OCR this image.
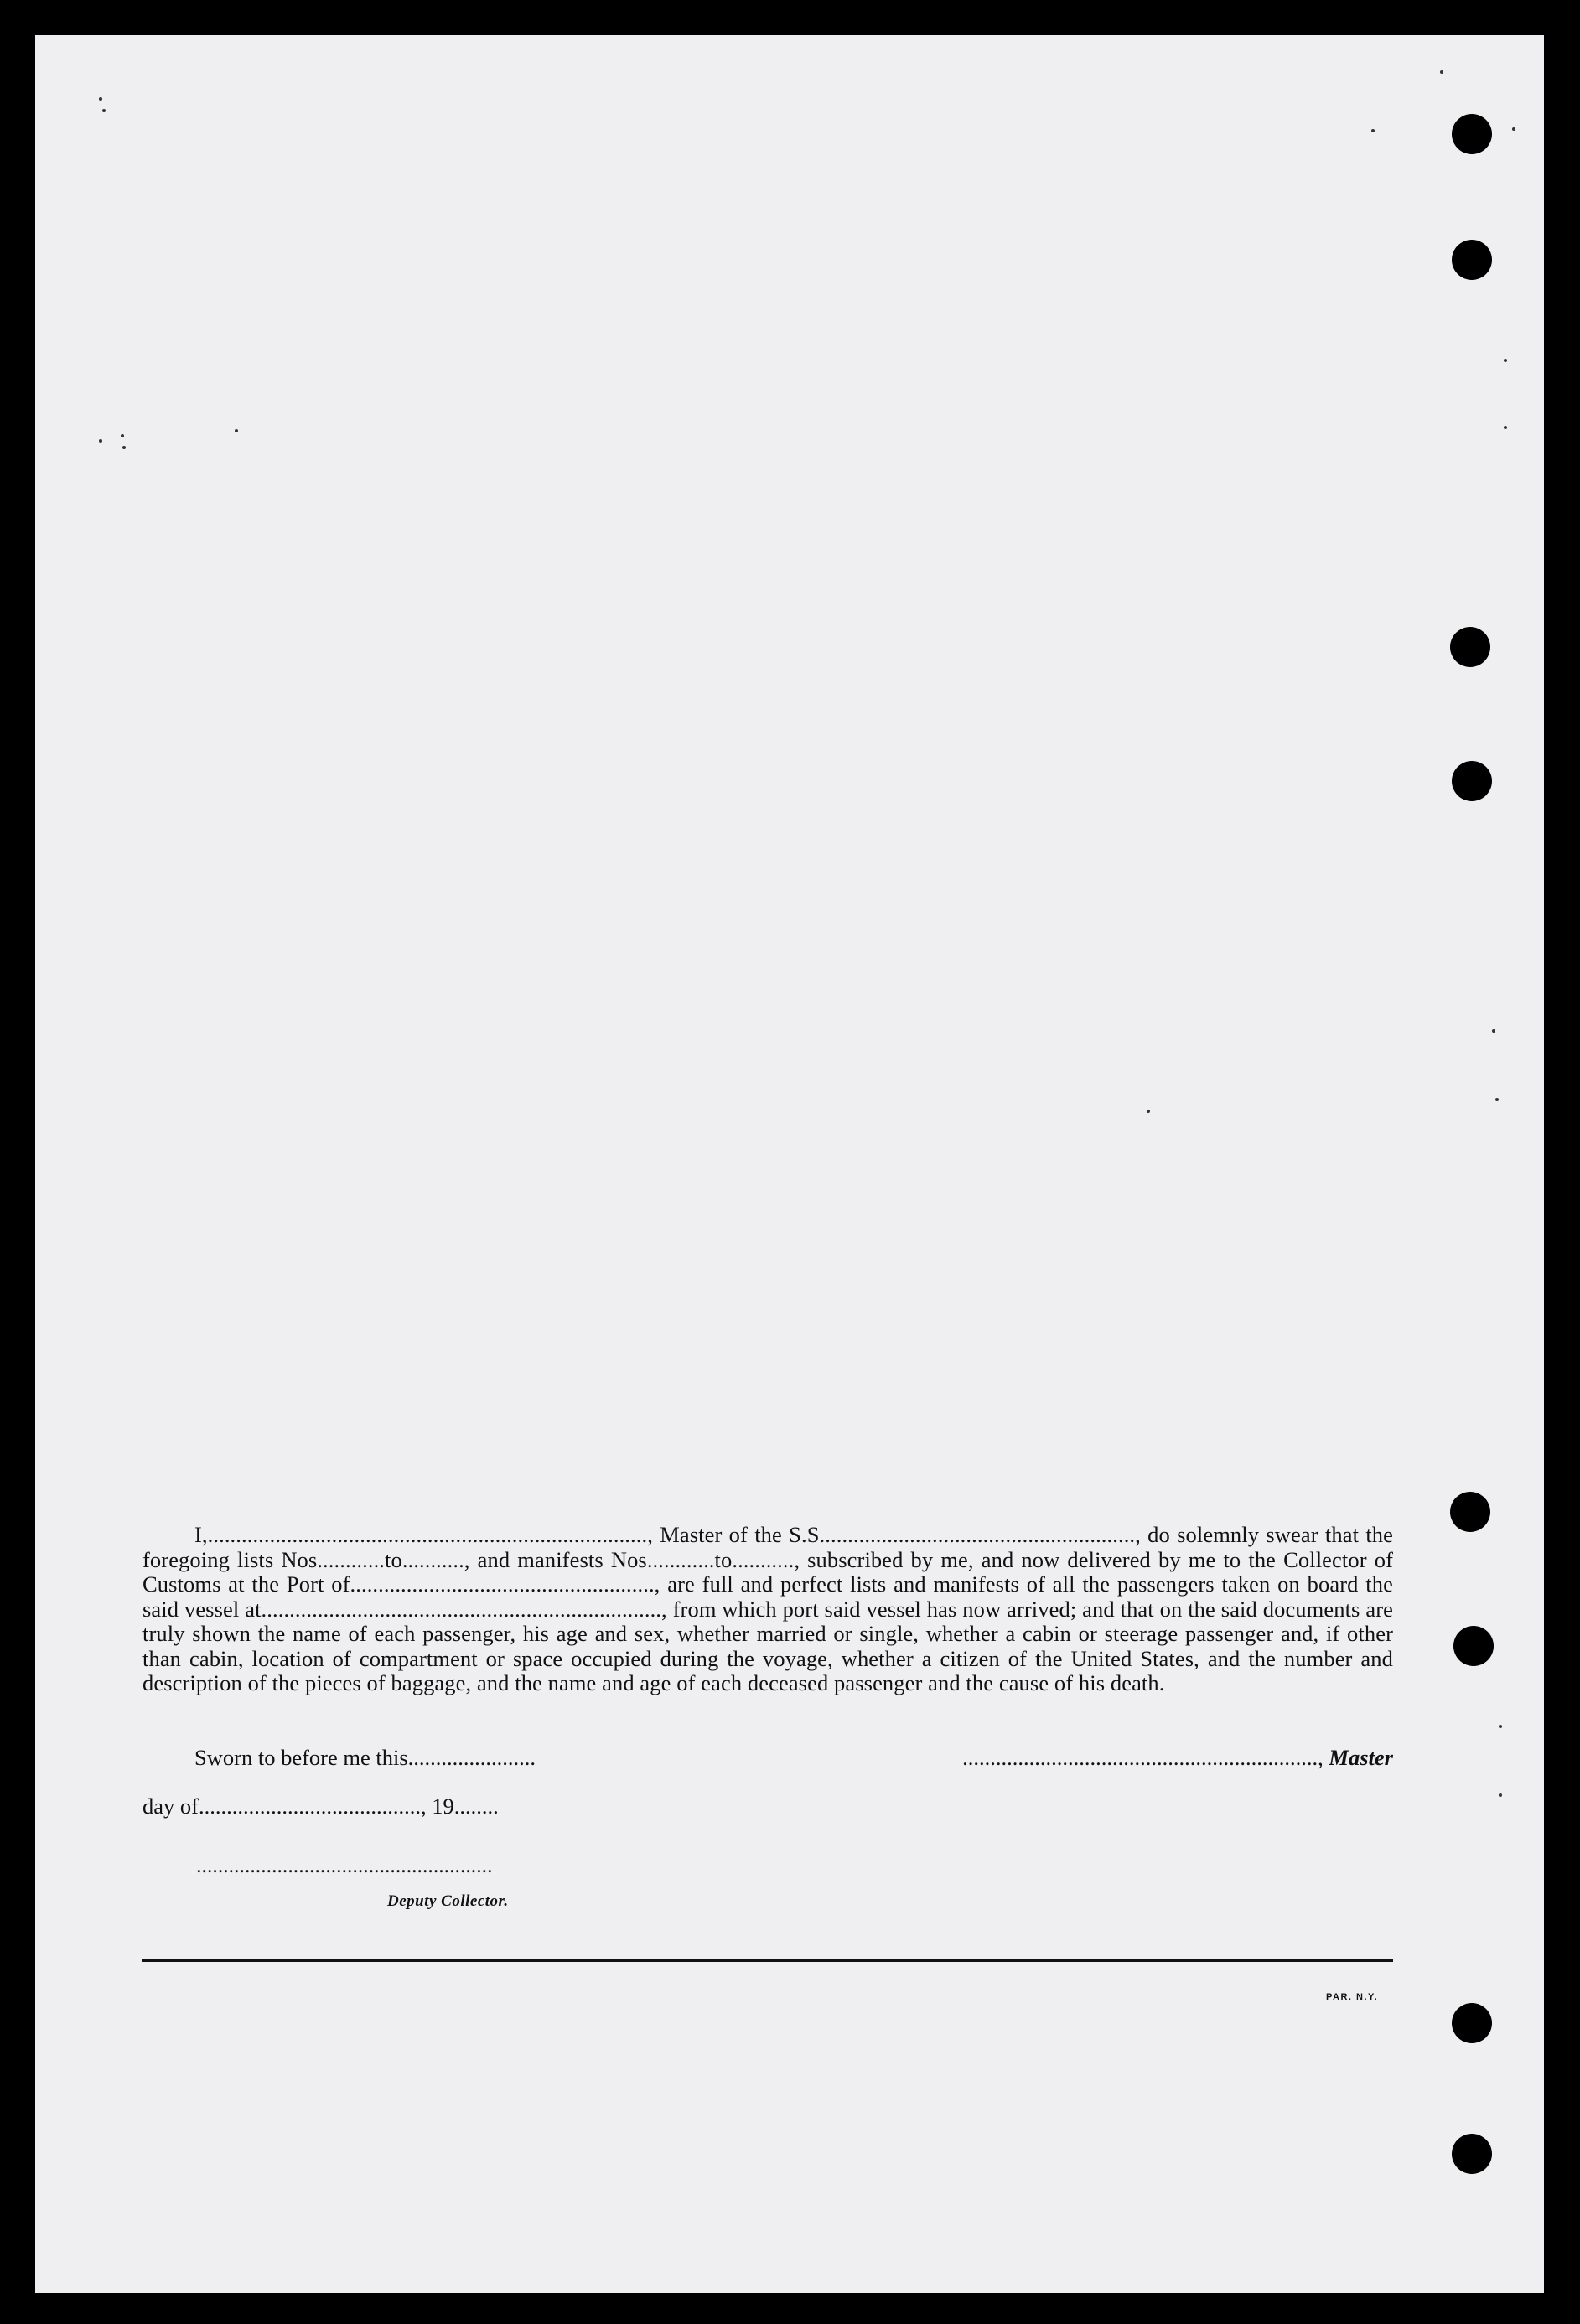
I,.............................................................................., Master of the S.S........................................................, do solemnly swear that the foregoing lists Nos............to..........., and manifests Nos............to..........., subscribed by me, and now delivered by me to the Collector of Customs at the Port of......................................................, are full and perfect lists and manifests of all the passengers taken on board the said vessel at......................................................................., from which port said vessel has now arrived; and that on the said documents are truly shown the name of each passenger, his age and sex, whether married or single, whether a cabin or steerage passenger and, if other than cabin, location of compartment or space occupied during the voyage, whether a citizen of the United States, and the number and description of the pieces of baggage, and the name and age of each deceased passenger and the cause of his death.

Sworn to before me this.......................	................................................................, Master
day of........................................, 19........
.......................................................
Deputy Collector.
PAR. N.Y.
